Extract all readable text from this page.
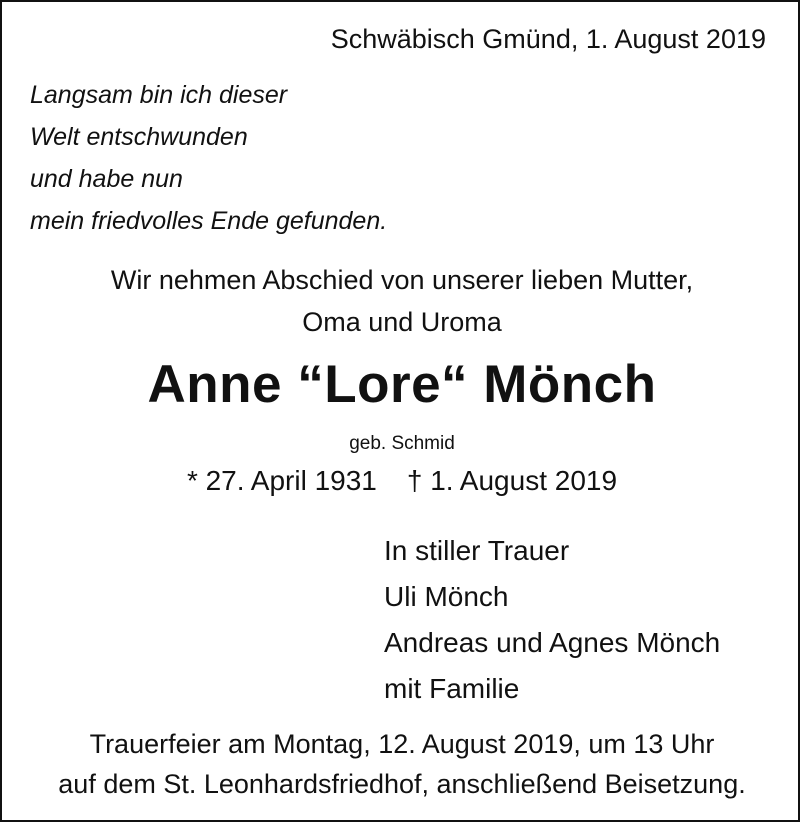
Schwäbisch Gmünd, 1. August 2019
Langsam bin ich dieser
Welt entschwunden
und habe nun
mein friedvolles Ende gefunden.
Wir nehmen Abschied von unserer lieben Mutter,
Oma und Uroma
Anne “Lore“ Mönch
geb. Schmid
* 27. April 1931 † 1. August 2019
In stiller Trauer
Uli Mönch
Andreas und Agnes Mönch
mit Familie
Trauerfeier am Montag, 12. August 2019, um 13 Uhr
auf dem St. Leonhardsfriedhof, anschließend Beisetzung.
